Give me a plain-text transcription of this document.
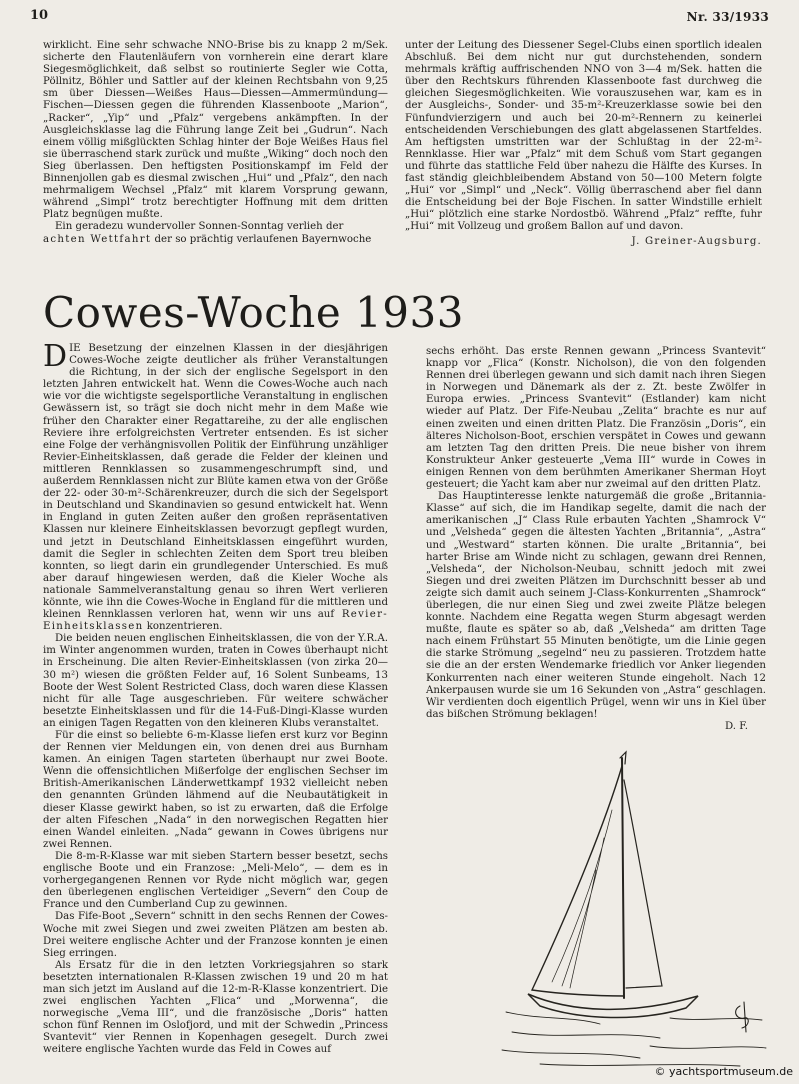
10	Nr. 33/1933

wirklicht. Eine sehr schwache NNO-Brise bis zu knapp 2 m/Sek. sicherte den Flautenläufern von vornherein eine derart klare Siegesmöglichkeit, daß selbst so routinierte Segler wie Cotta, Pöllnitz, Böhler und Sattler auf der kleinen Rechtsbahn von 9,25 sm über Diessen—Weißes Haus—Diessen—Ammermündung—Fischen—Diessen gegen die führenden Klassenboote „Marion“, „Racker“, „Yip“ und „Pfalz“ vergebens ankämpften. In der Ausgleichsklasse lag die Führung lange Zeit bei „Gudrun“. Nach einem völlig mißglückten Schlag hinter der Boje Weißes Haus fiel sie überraschend stark zurück und mußte „Wiking“ doch noch den Sieg überlassen. Den heftigsten Positionskampf im Feld der Binnenjollen gab es diesmal zwischen „Hui“ und „Pfalz“, den nach mehrmaligem Wechsel „Pfalz“ mit klarem Vorsprung gewann, während „Simpl“ trotz berechtigter Hoffnung mit dem dritten Platz begnügen mußte.

Ein geradezu wundervoller Sonnen-Sonntag verlieh der
achten Wettfahrt der so prächtig verlaufenen Bayernwoche

unter der Leitung des Diessener Segel-Clubs einen sportlich idealen Abschluß. Bei dem nicht nur gut durchstehenden, sondern mehrmals kräftig auffrischenden NNO von 3—4 m/Sek. hatten die über den Rechtskurs führenden Klassenboote fast durchweg die gleichen Siegesmöglichkeiten. Wie vorauszusehen war, kam es in der Ausgleichs-, Sonder- und 35-m²-Kreuzerklasse sowie bei den Fünfundvierzigern und auch bei 20-m²-Rennern zu keinerlei entscheidenden Verschiebungen des glatt abgelassenen Startfeldes. Am heftigsten umstritten war der Schlußtag in der 22-m²-Rennklasse. Hier war „Pfalz“ mit dem Schuß vom Start gegangen und führte das stattliche Feld über nahezu die Hälfte des Kurses. In fast ständig gleichbleibendem Abstand von 50—100 Metern folgte „Hui“ vor „Simpl“ und „Neck“. Völlig überraschend aber fiel dann die Entscheidung bei der Boje Fischen. In satter Windstille erhielt „Hui“ plötzlich eine starke Nordostbö. Während „Pfalz“ reffte, fuhr „Hui“ mit Vollzeug und großem Ballon auf und davon.

J. Greiner-Augsburg.
Cowes-Woche 1933

DIE Besetzung der einzelnen Klassen in der diesjährigen Cowes-Woche zeigte deutlicher als früher Veranstaltungen die Richtung, in der sich der englische Segelsport in den letzten Jahren entwickelt hat. Wenn die Cowes-Woche auch nach wie vor die wichtigste segelsportliche Veranstaltung in englischen Gewässern ist, so trägt sie doch nicht mehr in dem Maße wie früher den Charakter einer Regattareihe, zu der alle englischen Reviere ihre erfolgreichsten Vertreter entsenden. Es ist sicher eine Folge der verhängnisvollen Politik der Einführung unzähliger Revier-Einheitsklassen, daß gerade die Felder der kleinen und mittleren Rennklassen so zusammengeschrumpft sind, und außerdem Rennklassen nicht zur Blüte kamen etwa von der Größe der 22- oder 30-m²-Schärenkreuzer, durch die sich der Segelsport in Deutschland und Skandinavien so gesund entwickelt hat. Wenn in England in guten Zeiten außer den großen repräsentativen Klassen nur kleinere Einheitsklassen bevorzugt gepflegt wurden, und jetzt in Deutschland Einheitsklassen eingeführt wurden, damit die Segler in schlechten Zeiten dem Sport treu bleiben konnten, so liegt darin ein grundlegender Unterschied. Es muß aber darauf hingewiesen werden, daß die Kieler Woche als nationale Sammelveranstaltung genau so ihren Wert verlieren könnte, wie ihn die Cowes-Woche in England für die mittleren und kleinen Rennklassen verloren hat, wenn wir uns auf Revier-Einheitsklassen konzentrieren.

Die beiden neuen englischen Einheitsklassen, die von der Y.R.A. im Winter angenommen wurden, traten in Cowes überhaupt nicht in Erscheinung. Die alten Revier-Einheitsklassen (von zirka 20—30 m²) wiesen die größten Felder auf, 16 Solent Sunbeams, 13 Boote der West Solent Restricted Class, doch waren diese Klassen nicht für alle Tage ausgeschrieben. Für weitere schwächer besetzte Einheitsklassen und für die 14-Fuß-Dingi-Klasse wurden an einigen Tagen Regatten von den kleineren Klubs veranstaltet.

Für die einst so beliebte 6-m-Klasse liefen erst kurz vor Beginn der Rennen vier Meldungen ein, von denen drei aus Burnham kamen. An einigen Tagen starteten überhaupt nur zwei Boote. Wenn die offensichtlichen Mißerfolge der englischen Sechser im British-Amerikanischen Länderwettkampf 1932 vielleicht neben den genannten Gründen lähmend auf die Neubautätigkeit in dieser Klasse gewirkt haben, so ist zu erwarten, daß die Erfolge der alten Fifeschen „Nada“ in den norwegischen Regatten hier einen Wandel einleiten. „Nada“ gewann in Cowes übrigens nur zwei Rennen.

Die 8-m-R-Klasse war mit sieben Startern besser besetzt, sechs englische Boote und ein Franzose: „Meli-Melo“, — dem es in vorhergegangenen Rennen vor Ryde nicht möglich war, gegen den überlegenen englischen Verteidiger „Severn“ den Coup de France und den Cumberland Cup zu gewinnen.

Das Fife-Boot „Severn“ schnitt in den sechs Rennen der Cowes-Woche mit zwei Siegen und zwei zweiten Plätzen am besten ab. Drei weitere englische Achter und der Franzose konnten je einen Sieg erringen.

Als Ersatz für die in den letzten Vorkriegsjahren so stark besetzten internationalen R-Klassen zwischen 19 und 20 m hat man sich jetzt im Ausland auf die 12-m-R-Klasse konzentriert. Die zwei englischen Yachten „Flica“ und „Morwenna“, die norwegische „Vema III“, und die französische „Doris“ hatten schon fünf Rennen im Oslofjord, und mit der Schwedin „Princess Svantevit“ vier Rennen in Kopenhagen gesegelt. Durch zwei weitere englische Yachten wurde das Feld in Cowes auf

sechs erhöht. Das erste Rennen gewann „Princess Svantevit“ knapp vor „Flica“ (Konstr. Nicholson), die von den folgenden Rennen drei überlegen gewann und sich damit nach ihren Siegen in Norwegen und Dänemark als der z. Zt. beste Zwölfer in Europa erwies. „Princess Svantevit“ (Estlander) kam nicht wieder auf Platz. Der Fife-Neubau „Zelita“ brachte es nur auf einen zweiten und einen dritten Platz. Die Französin „Doris“, ein älteres Nicholson-Boot, erschien verspätet in Cowes und gewann am letzten Tag den dritten Preis. Die neue bisher von ihrem Konstrukteur Anker gesteuerte „Vema III“ wurde in Cowes in einigen Rennen von dem berühmten Amerikaner Sherman Hoyt gesteuert; die Yacht kam aber nur zweimal auf den dritten Platz.

Das Hauptinteresse lenkte naturgemäß die große „Britannia-Klasse“ auf sich, die im Handikap segelte, damit die nach der amerikanischen „J“ Class Rule erbauten Yachten „Shamrock V“ und „Velsheda“ gegen die ältesten Yachten „Britannia“, „Astra“ und „Westward“ starten können. Die uralte „Britannia“, bei harter Brise am Winde nicht zu schlagen, gewann drei Rennen, „Velsheda“, der Nicholson-Neubau, schnitt jedoch mit zwei Siegen und drei zweiten Plätzen im Durchschnitt besser ab und zeigte sich damit auch seinem J-Class-Konkurrenten „Shamrock“ überlegen, die nur einen Sieg und zwei zweite Plätze belegen konnte. Nachdem eine Regatta wegen Sturm abgesagt werden mußte, flaute es später so ab, daß „Velsheda“ am dritten Tage nach einem Frühstart 55 Minuten benötigte, um die Linie gegen die starke Strömung „segelnd“ neu zu passieren. Trotzdem hatte sie die an der ersten Wendemarke friedlich vor Anker liegenden Konkurrenten nach einer weiteren Stunde eingeholt. Nach 12 Ankerpausen wurde sie um 16 Sekunden von „Astra“ geschlagen. Wir verdienten doch eigentlich Prügel, wenn wir uns in Kiel über das bißchen Strömung beklagen!

D. F.
© yachtsportmuseum.de
